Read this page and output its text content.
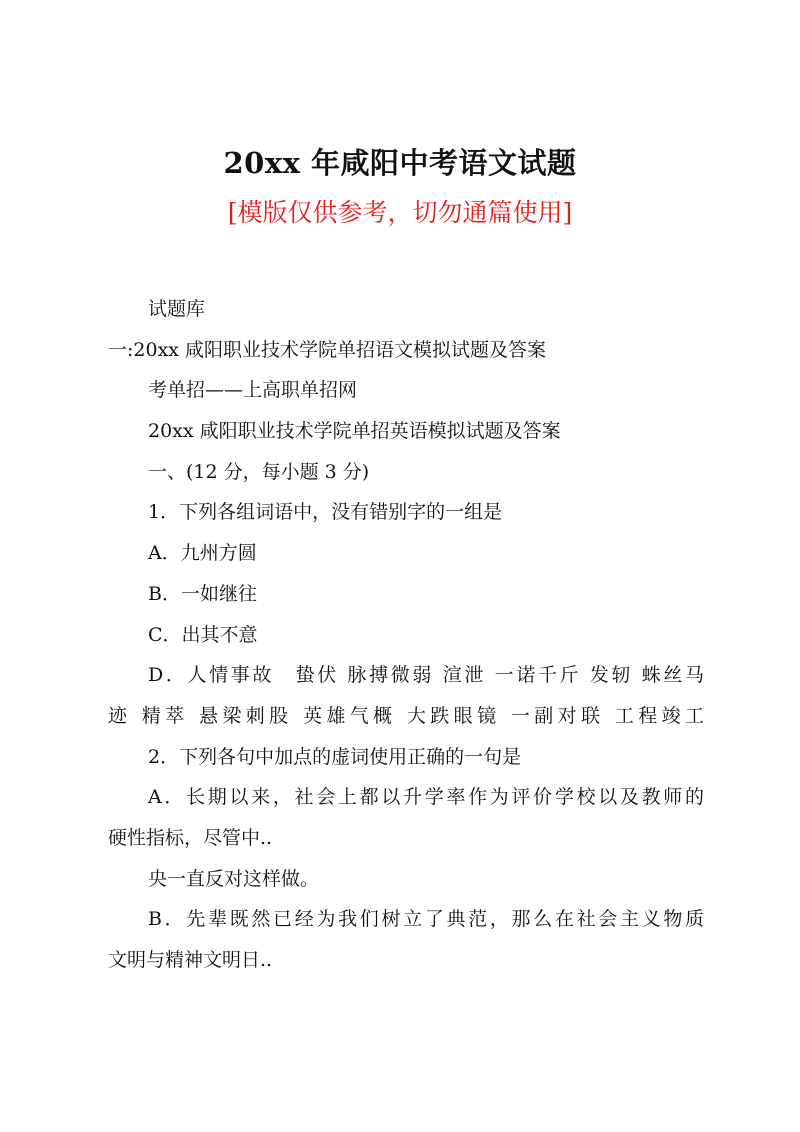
20xx 年咸阳中考语文试题
[模版仅供参考，切勿通篇使用]
试题库
一:20xx 咸阳职业技术学院单招语文模拟试题及答案
考单招——上高职单招网
20xx 咸阳职业技术学院单招英语模拟试题及答案
一、(12 分，每小题 3 分)
1．下列各组词语中，没有错别字的一组是
A．九州方圆
B．一如继往
C．出其不意
D．人情事故　蛰伏 脉搏微弱 渲泄 一诺千斤 发轫 蛛丝马
迹 精萃 悬梁刺股 英雄气概 大跌眼镜 一副对联 工程竣工
2．下列各句中加点的虚词使用正确的一句是
A．长期以来，社会上都以升学率作为评价学校以及教师的
硬性指标，尽管中..
央一直反对这样做。
B．先辈既然已经为我们树立了典范，那么在社会主义物质
文明与精神文明日..
